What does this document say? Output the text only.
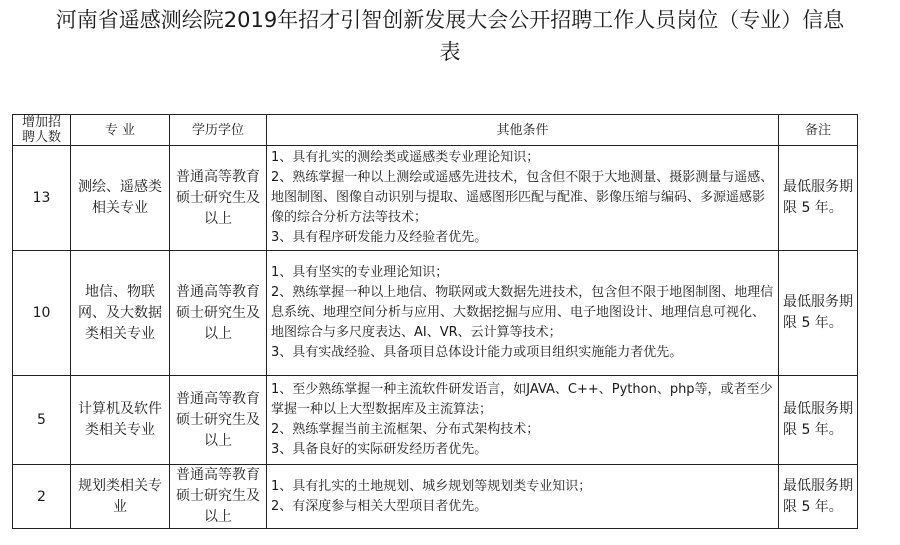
河南省遥感测绘院2019年招才引智创新发展大会公开招聘工作人员岗位（专业）信息
表
增加招聘人数	专 业	学历学位	其他条件	备注
13	测绘、遥感类相关专业	普通高等教育硕士研究生及以上	1、具有扎实的测绘类或遥感类专业理论知识；
2、熟练掌握一种以上测绘或遥感先进技术，包含但不限于大地测量、摄影测量与遥感、地图制图、图像自动识别与提取、遥感图形匹配与配准、影像压缩与编码、多源遥感影像的综合分析方法等技术；
3、具有程序研发能力及经验者优先。	最低服务期 限 5 年。
10	地信、物联网、及大数据类相关专业	普通高等教育硕士研究生及以上	1、具有坚实的专业理论知识；
2、熟练掌握一种以上地信、物联网或大数据先进技术，包含但不限于地图制图、地理信息系统、地理空间分析与应用、大数据挖掘与应用、电子地图设计、地理信息可视化、地图综合与多尺度表达、AI、VR、云计算等技术；
3、具有实战经验、具备项目总体设计能力或项目组织实施能力者优先。	最低服务期 限 5 年。
5	计算机及软件类相关专业	普通高等教育硕士研究生及以上	1、至少熟练掌握一种主流软件研发语言，如JAVA、C++、Python、php等，或者至少掌握一种以上大型数据库及主流算法；
2、熟练掌握当前主流框架、分布式架构技术；
3、具备良好的实际研发经历者优先。	最低服务期 限 5 年。
2	规划类相关专业	普通高等教育硕士研究生及以上	1、具有扎实的土地规划、城乡规划等规划类专业知识；
2、有深度参与相关大型项目者优先。	最低服务期 限 5 年。
